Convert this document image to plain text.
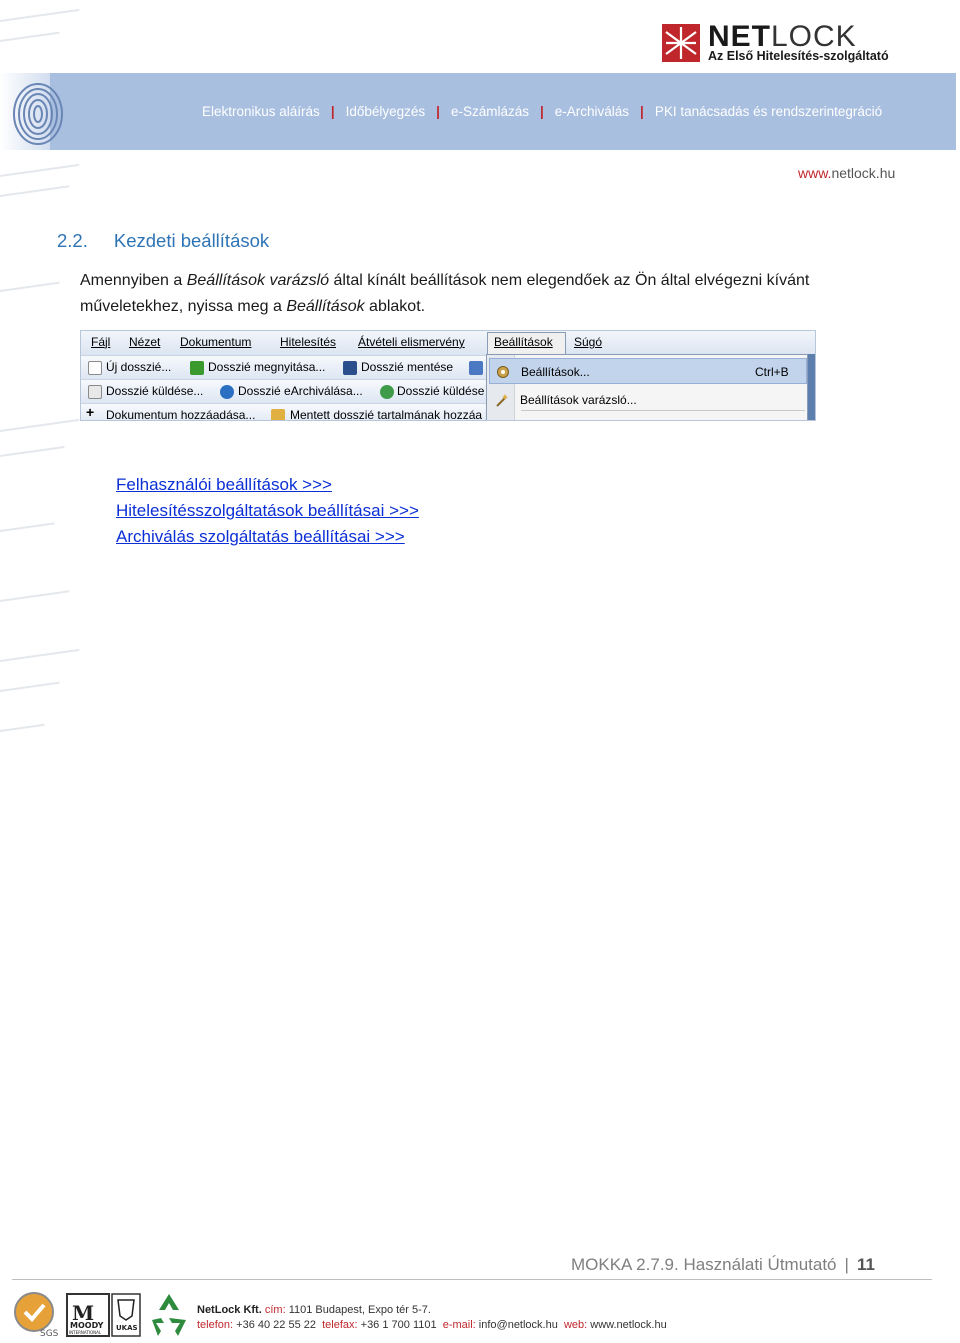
NETLOCK
Az Első Hitelesítés-szolgáltató
Elektronikus aláírás | Időbélyegzés | e-Számlázás | e-Archiválás | PKI tanácsadás és rendszerintegráció
www.netlock.hu
2.2. Kezdeti beállítások
Amennyiben a Beállítások varázsló által kínált beállítások nem elegendőek az Ön által elvégezni kívánt műveletekhez, nyissa meg a Beállítások ablakot.
Fájl Nézet Dokumentum Hitelesítés Átvételi elismervény Beállítások Súgó
Új dosszié...	Dosszié megnyitása...	Dosszié mentése
Dosszié küldése...	Dosszié eArchiválása...	Dosszié küldése
+ Dokumentum hozzáadása...	Mentett dosszié tartalmának hozzáa
Beállítások...	Ctrl+B
Beállítások varázsló...
Felhasználói beállítások >>>
Hitelesítésszolgáltatások beállításai >>>
Archiválás szolgáltatás beállításai >>>
MOKKA 2.7.9. Használati Útmutató | 11
SGS
M
MOODY
INTERNATIONAL
UKAS
NetLock Kft. cím: 1101 Budapest, Expo tér 5-7.
telefon: +36 40 22 55 22 telefax: +36 1 700 1101 e-mail: info@netlock.hu web: www.netlock.hu
